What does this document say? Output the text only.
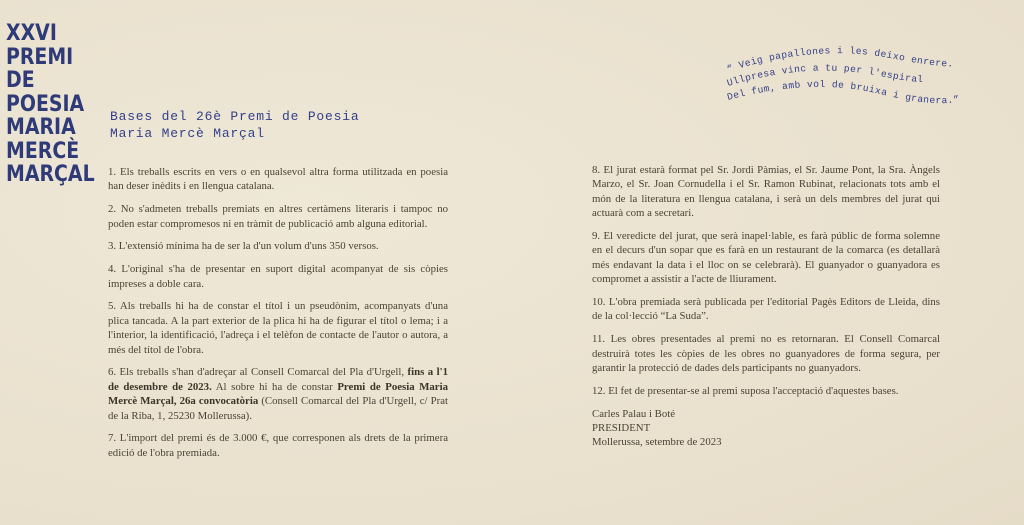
XXVI
PREMI
DE
POESIA
MARIA
MERCÈ
MARÇAL
Bases del 26è Premi de Poesia
Maria Mercè Marçal
“ Veig papallones i les deixo enrere.
Ullpresa vinc a tu per l'espiral
Del fum, amb vol de bruixa i granera.”

1. Els treballs escrits en vers o en qualsevol altra forma utilitzada en poesia han deser inèdits i en llengua catalana.

2. No s'admeten treballs premiats en altres certàmens literaris i tampoc no poden estar compromesos ni en tràmit de publicació amb alguna editorial.

3. L'extensió mínima ha de ser la d'un volum d'uns 350 versos.

4. L'original s'ha de presentar en suport digital acompanyat de sis còpies impreses a doble cara.

5. Als treballs hi ha de constar el títol i un pseudònim, acompanyats d'una plica tancada. A la part exterior de la plica hi ha de figurar el títol o lema; i a l'interior, la identificació, l'adreça i el telèfon de contacte de l'autor o autora, a més del títol de l'obra.

6. Els treballs s'han d'adreçar al Consell Comarcal del Pla d'Urgell, fins a l'1 de desembre de 2023. Al sobre hi ha de constar Premi de Poesia Maria Mercè Marçal, 26a convocatòria (Consell Comarcal del Pla d'Urgell, c/ Prat de la Riba, 1, 25230 Mollerussa).

7. L'import del premi és de 3.000 €, que corresponen als drets de la primera edició de l'obra premiada.

8. El jurat estarà format pel Sr. Jordi Pàmias, el Sr. Jaume Pont, la Sra. Àngels Marzo, el Sr. Joan Cornudella i el Sr. Ramon Rubinat, relacionats tots amb el món de la literatura en llengua catalana, i serà un dels membres del jurat qui actuarà com a secretari.

9. El veredicte del jurat, que serà inapel·lable, es farà públic de forma solemne en el decurs d'un sopar que es farà en un restaurant de la comarca (es detallarà més endavant la data i el lloc on se celebrarà). El guanyador o guanyadora es compromet a assistir a l'acte de lliurament.

10. L'obra premiada serà publicada per l'editorial Pagès Editors de Lleida, dins de la col·lecció “La Suda”.

11. Les obres presentades al premi no es retornaran. El Consell Comarcal destruirà totes les còpies de les obres no guanyadores de forma segura, per garantir la protecció de dades dels participants no guanyadors.

12. El fet de presentar-se al premi suposa l'acceptació d'aquestes bases.

Carles Palau i Boté
PRESIDENT
Mollerussa, setembre de 2023
